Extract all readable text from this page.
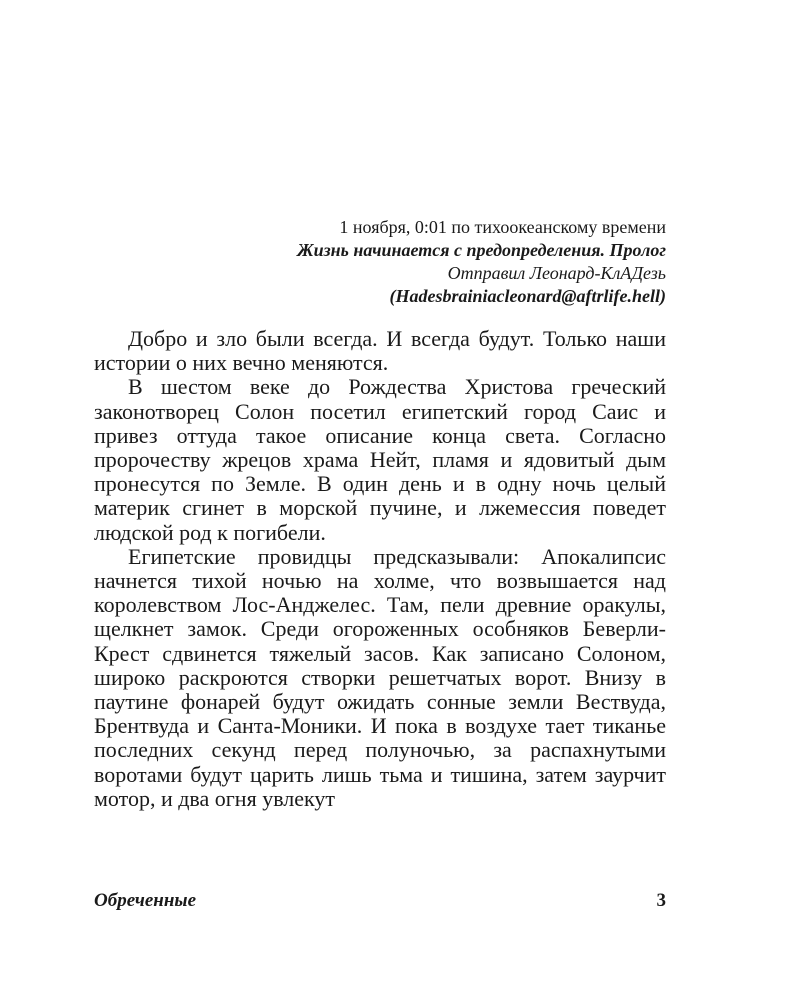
1 ноября, 0:01 по тихоокеанскому времени
Жизнь начинается с предопределения. Пролог
Отправил Леонард-КлАДезь
(Hadesbrainiacleonard@aftrlife.hell)

Добро и зло были всегда. И всегда будут. Только наши истории о них вечно меняются.

В шестом веке до Рождества Христова греческий законотворец Солон посетил египетский город Саис и привез оттуда такое описание конца света. Согласно пророчеству жрецов храма Нейт, пламя и ядовитый дым пронесутся по Земле. В один день и в одну ночь целый материк сгинет в морской пучине, и лжемессия поведет людской род к погибели.

Египетские провидцы предсказывали: Апокалипсис начнется тихой ночью на холме, что возвышается над королевством Лос-Анджелес. Там, пели древние оракулы, щелкнет замок. Среди огороженных особняков Беверли-Крест сдвинется тяжелый засов. Как записано Солоном, широко раскроются створки решетчатых ворот. Внизу в паутине фонарей будут ожидать сонные земли Вествуда, Брентвуда и Санта-Моники. И пока в воздухе тает тиканье последних секунд перед полуночью, за распахнутыми воротами будут царить лишь тьма и тишина, затем заурчит мотор, и два огня увлекут

Обреченные	3
